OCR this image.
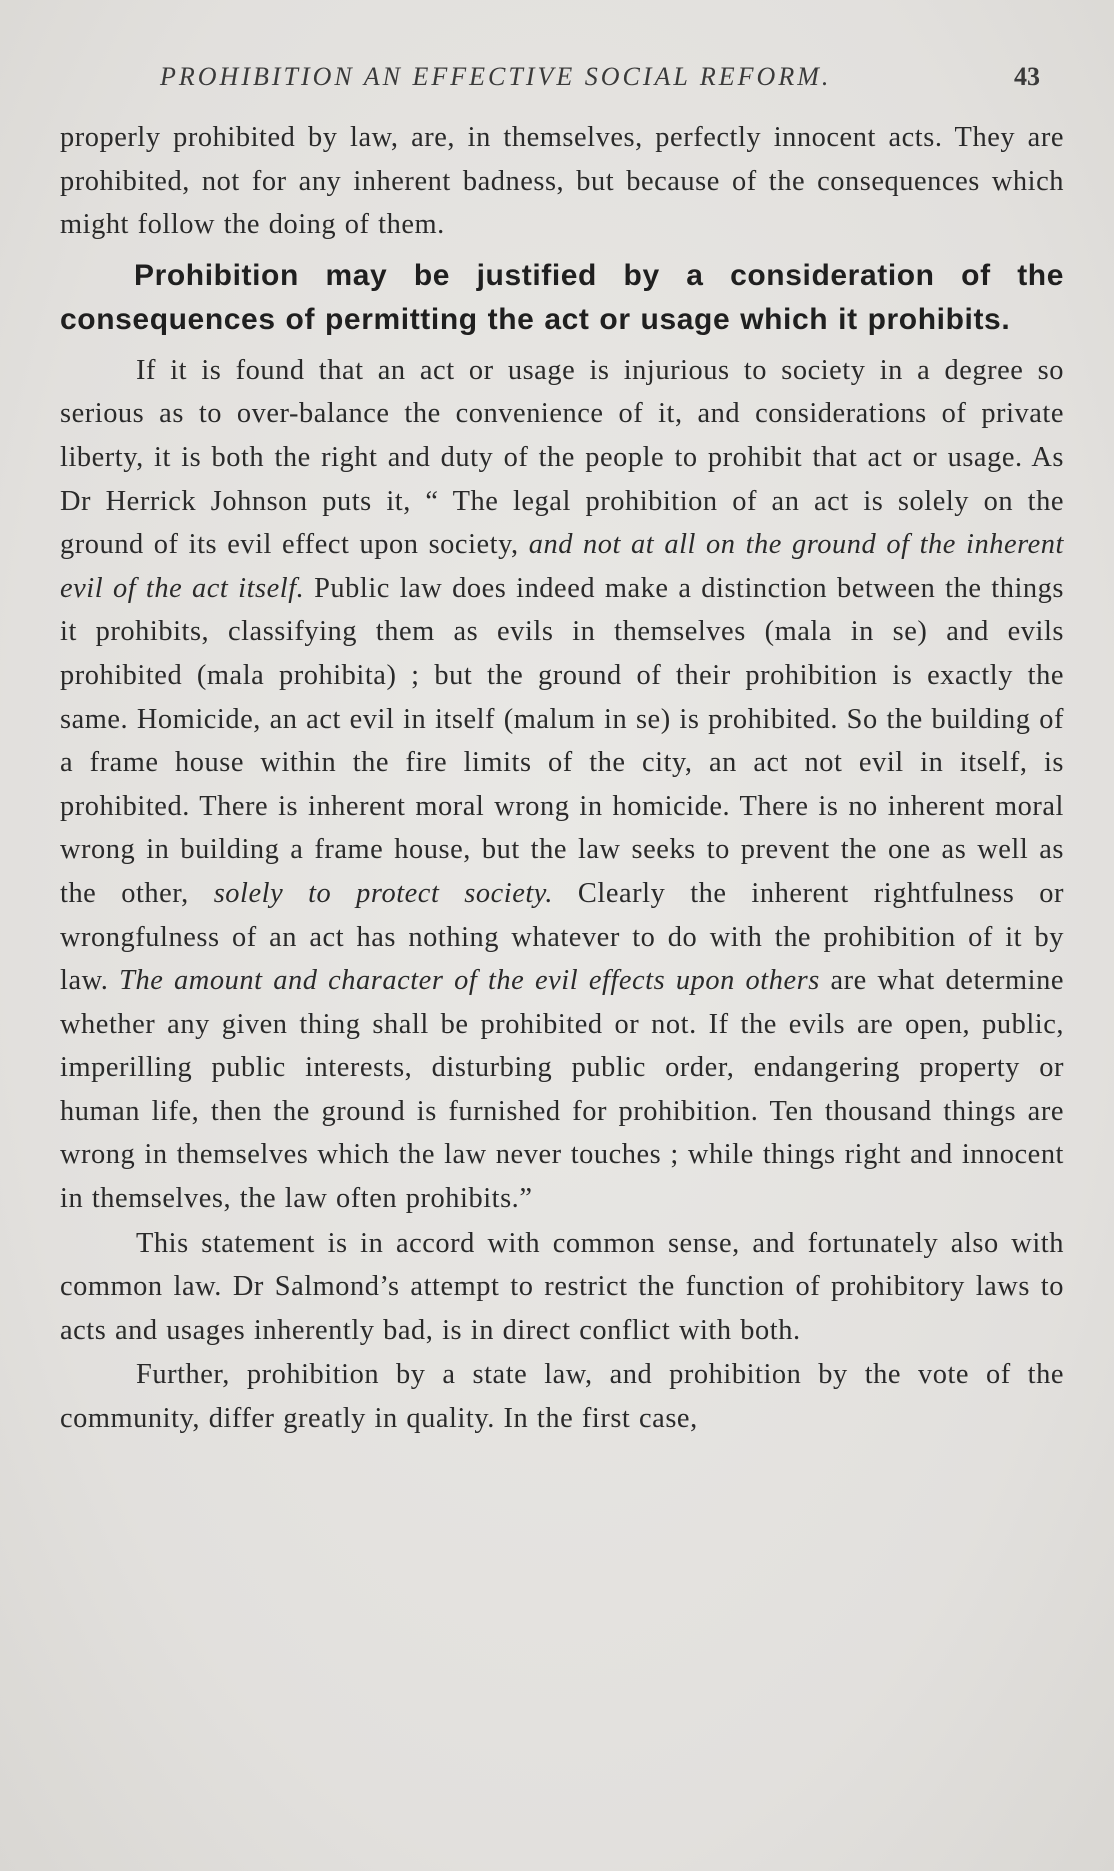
PROHIBITION AN EFFECTIVE SOCIAL REFORM.	43

properly prohibited by law, are, in themselves, perfectly innocent acts. They are prohibited, not for any inherent badness, but because of the consequences which might follow the doing of them.

Prohibition may be justified by a consideration of the consequences of permitting the act or usage which it prohibits.

If it is found that an act or usage is injurious to society in a degree so serious as to over-balance the convenience of it, and considerations of private liberty, it is both the right and duty of the people to prohibit that act or usage. As Dr Herrick Johnson puts it, “ The legal prohibition of an act is solely on the ground of its evil effect upon society, and not at all on the ground of the inherent evil of the act itself. Public law does indeed make a distinction between the things it prohibits, classifying them as evils in themselves (mala in se) and evils prohibited (mala prohibita) ; but the ground of their prohibition is exactly the same. Homicide, an act evil in itself (malum in se) is prohibited. So the building of a frame house within the fire limits of the city, an act not evil in itself, is prohibited. There is inherent moral wrong in homicide. There is no inherent moral wrong in building a frame house, but the law seeks to prevent the one as well as the other, solely to protect society. Clearly the inherent rightfulness or wrongfulness of an act has nothing whatever to do with the prohibition of it by law. The amount and character of the evil effects upon others are what determine whether any given thing shall be prohibited or not. If the evils are open, public, imperilling public interests, disturbing public order, endangering property or human life, then the ground is furnished for prohibition. Ten thousand things are wrong in themselves which the law never touches ; while things right and innocent in themselves, the law often prohibits.”

This statement is in accord with common sense, and fortunately also with common law. Dr Salmond’s attempt to restrict the function of prohibitory laws to acts and usages inherently bad, is in direct conflict with both.

Further, prohibition by a state law, and prohibition by the vote of the community, differ greatly in quality. In the first case,
